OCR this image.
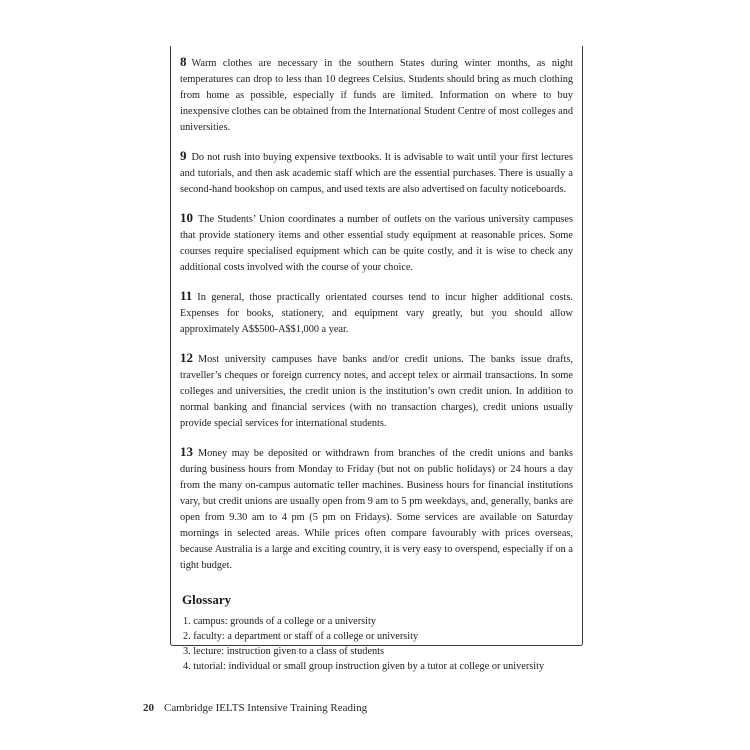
8 Warm clothes are necessary in the southern States during winter months, as night temperatures can drop to less than 10 degrees Celsius. Students should bring as much clothing from home as possible, especially if funds are limited. Information on where to buy inexpensive clothes can be obtained from the International Student Centre of most colleges and universities.

9 Do not rush into buying expensive textbooks. It is advisable to wait until your first lectures and tutorials, and then ask academic staff which are the essential purchases. There is usually a second-hand bookshop on campus, and used texts are also advertised on faculty noticeboards.

10 The Students’ Union coordinates a number of outlets on the various university campuses that provide stationery items and other essential study equipment at reasonable prices. Some courses require specialised equipment which can be quite costly, and it is wise to check any additional costs involved with the course of your choice.

11 In general, those practically orientated courses tend to incur higher additional costs. Expenses for books, stationery, and equipment vary greatly, but you should allow approximately A$$500-A$$1,000 a year.

12 Most university campuses have banks and/or credit unions. The banks issue drafts, traveller’s cheques or foreign currency notes, and accept telex or airmail transactions. In some colleges and universities, the credit union is the institution’s own credit union. In addition to normal banking and financial services (with no transaction charges), credit unions usually provide special services for international students.

13 Money may be deposited or withdrawn from branches of the credit unions and banks during business hours from Monday to Friday (but not on public holidays) or 24 hours a day from the many on-campus automatic teller machines. Business hours for financial institutions vary, but credit unions are usually open from 9 am to 5 pm weekdays, and, generally, banks are open from 9.30 am to 4 pm (5 pm on Fridays). Some services are available on Saturday mornings in selected areas. While prices often compare favourably with prices overseas, because Australia is a large and exciting country, it is very easy to overspend, especially if on a tight budget.

Glossary
1. campus: grounds of a college or a university
2. faculty: a department or staff of a college or university
3. lecture: instruction given to a class of students
4. tutorial: individual or small group instruction given by a tutor at college or university
20 Cambridge IELTS Intensive Training Reading
